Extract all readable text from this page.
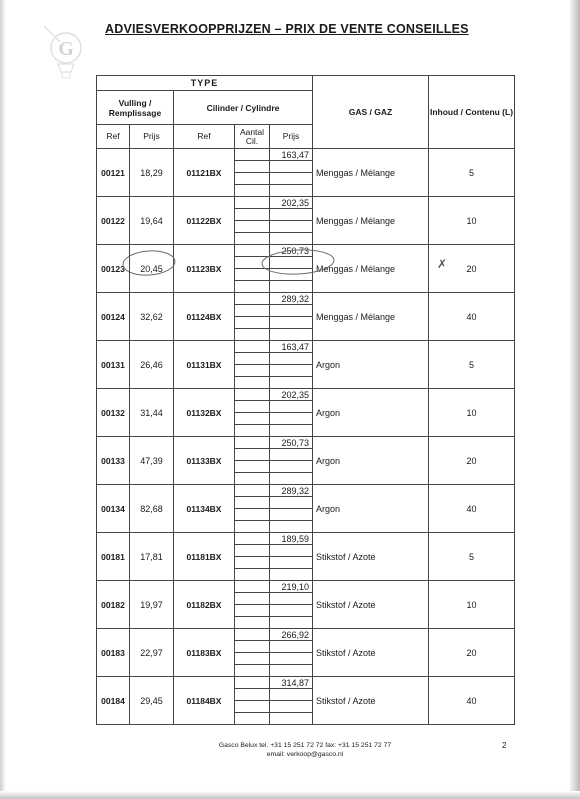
G
ADVIESVERKOOPPRIJZEN – PRIX DE VENTE CONSEILLES
TYPE					GAS / GAZ	Inhoud / Contenu (L)
Vulling / Remplissage		Cilinder / Cylindre				
Ref	Prijs	Ref	Aantal Cil.	Prijs		
00121	18,29	01121BX		163,47	Menggas / Mélange	5

00122	19,64	01122BX		202,35	Menggas / Mélange	10

00123	20,45	01123BX		250,73	Menggas / Mélange	20

00124	32,62	01124BX		289,32	Menggas / Mélange	40

00131	26,46	01131BX		163,47	Argon	5

00132	31,44	01132BX		202,35	Argon	10

00133	47,39	01133BX		250,73	Argon	20

00134	82,68	01134BX		289,32	Argon	40

00181	17,81	01181BX		189,59	Stikstof / Azote	5

00182	19,97	01182BX		219,10	Stikstof / Azote	10

00183	22,97	01183BX		266,92	Stikstof / Azote	20

00184	29,45	01184BX		314,87	Stikstof / Azote	40

✗
Gasco Belux tel. +31 15 251 72 72 fax: +31 15 251 72 77
email: verkoop@gasco.nl
2
